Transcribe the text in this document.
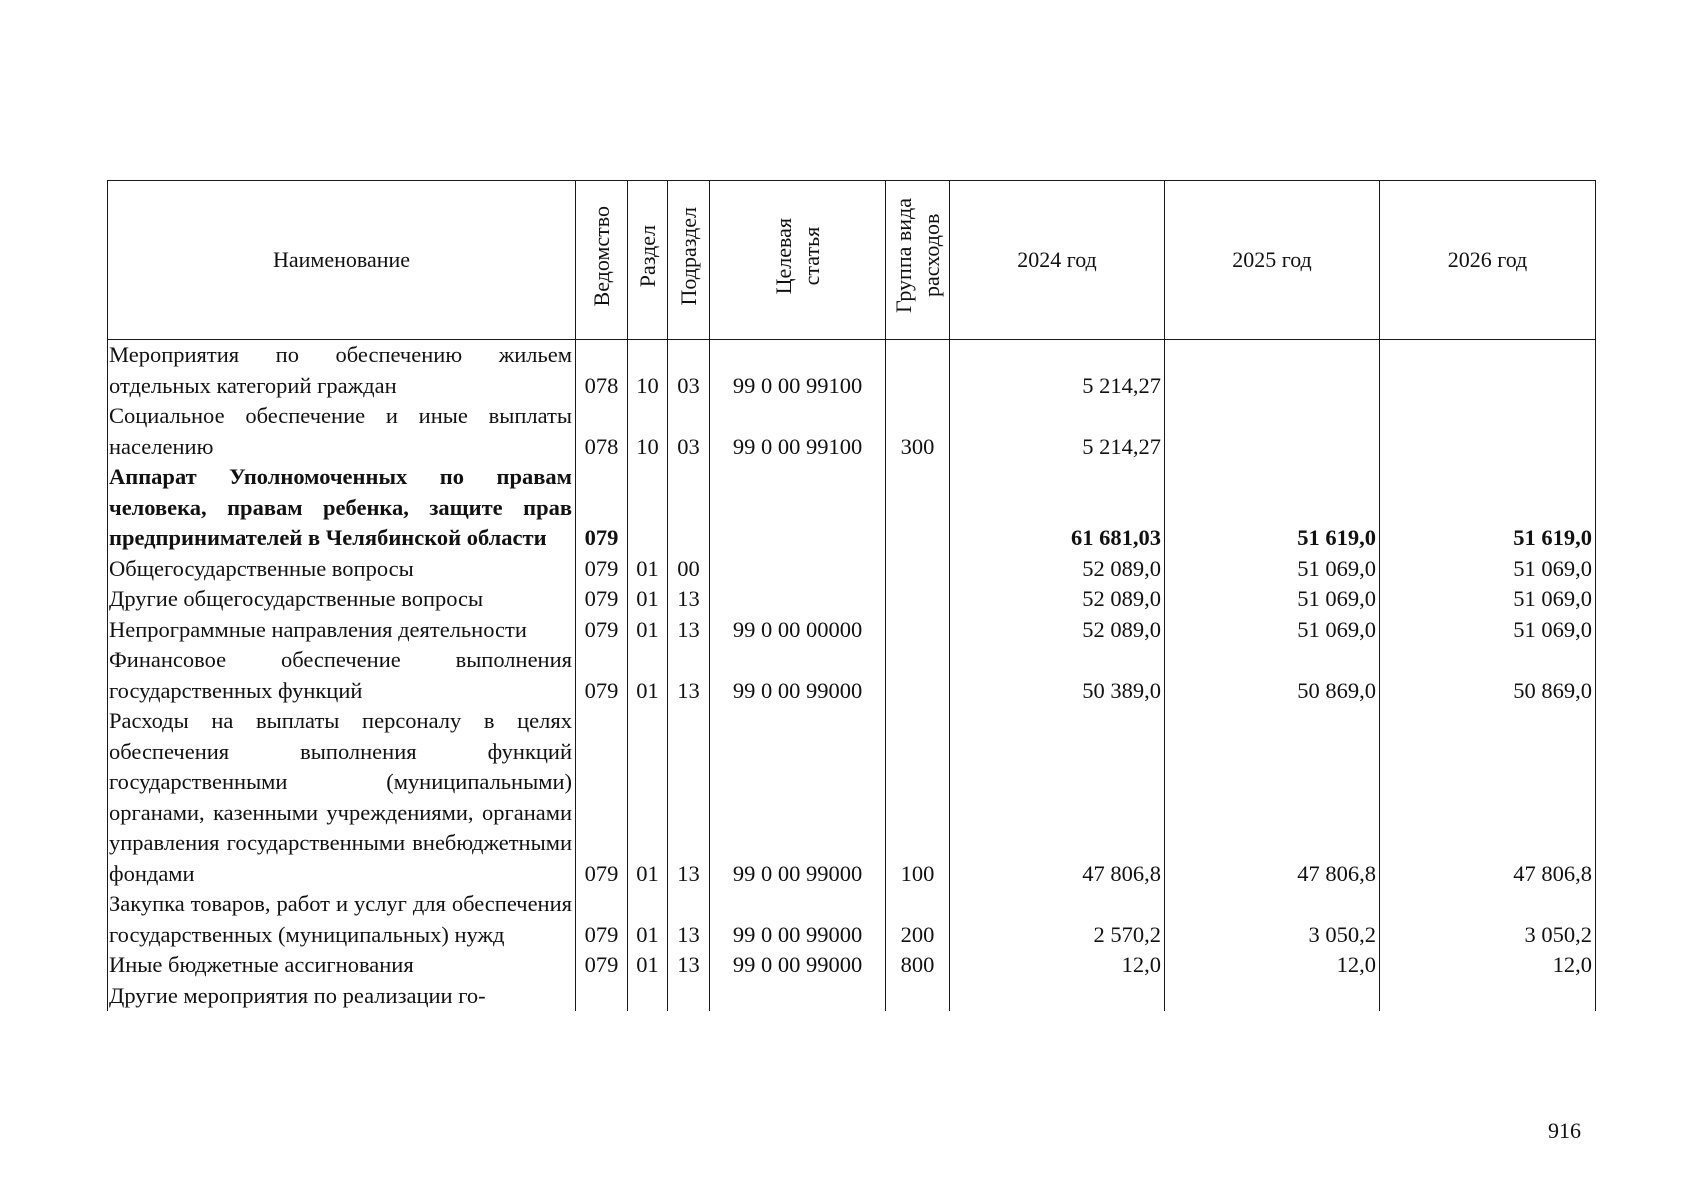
Наименование	Ведомство	Раздел	Подраздел	Целевая статья	Группа вида расходов	2024 год	2025 год	2026 год
Мероприятия по обеспечению жильем отдельных категорий граждан	078	10	03	99 0 00 99100		5 214,27		
Социальное обеспечение и иные выплаты населению	078	10	03	99 0 00 99100	300	5 214,27		
Аппарат Уполномоченных по правам человека, правам ребенка, защите прав предпринимателей в Челябинской области	079					61 681,03	51 619,0	51 619,0
Общегосударственные вопросы	079	01	00			52 089,0	51 069,0	51 069,0
Другие общегосударственные вопросы	079	01	13			52 089,0	51 069,0	51 069,0
Непрограммные направления деятельности	079	01	13	99 0 00 00000		52 089,0	51 069,0	51 069,0
Финансовое обеспечение выполнения государственных функций	079	01	13	99 0 00 99000		50 389,0	50 869,0	50 869,0
Расходы на выплаты персоналу в целях обеспечения выполнения функций государственными (муниципальными) органами, казенными учреждениями, органами управления государственными внебюджетными фондами	079	01	13	99 0 00 99000	100	47 806,8	47 806,8	47 806,8
Закупка товаров, работ и услуг для обеспечения государственных (муниципальных) нужд	079	01	13	99 0 00 99000	200	2 570,2	3 050,2	3 050,2
Иные бюджетные ассигнования	079	01	13	99 0 00 99000	800	12,0	12,0	12,0
Другие мероприятия по реализации го-								
916
